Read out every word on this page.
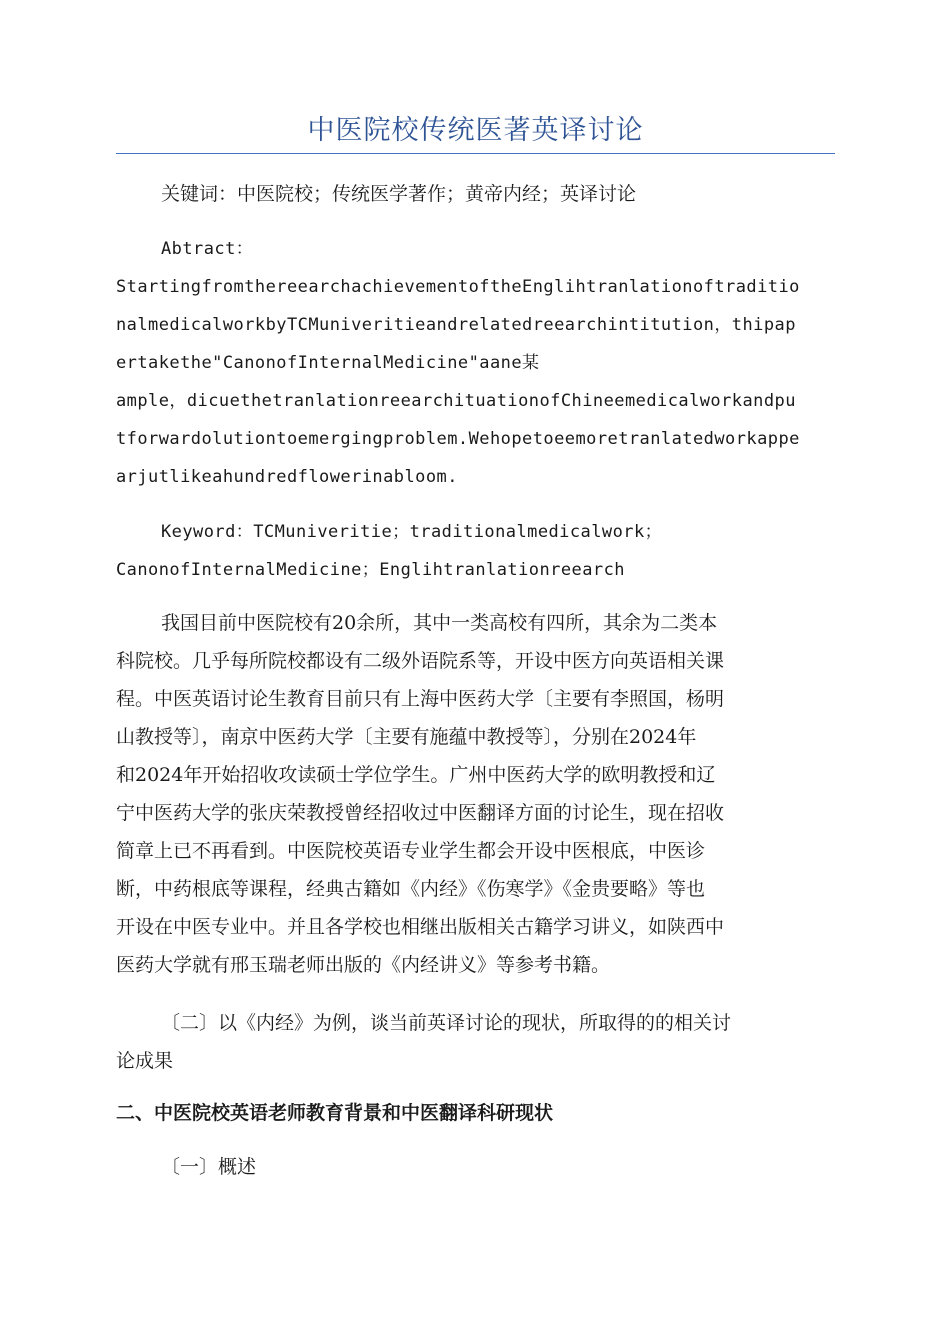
中医院校传统医著英译讨论

关键词：中医院校；传统医学著作；黄帝内经；英译讨论

Abtract：
StartingfromthereearchachievementoftheEnglihtranlationoftraditio
nalmedicalworkbyTCMuniveritieandrelatedreearchintitution，thipap
ertakethe"CanonofInternalMedicine"aane某
ample，dicuethetranlationreearchituationofChineemedicalworkandpu
tforwardolutiontoemergingproblem.Wehopetoeemoretranlatedworkappe
arjutlikeahundredflowerinabloom.

Keyword：TCMuniveritie；traditionalmedicalwork；
CanonofInternalMedicine；Englihtranlationreearch

我国目前中医院校有20余所，其中一类高校有四所，其余为二类本
科院校。几乎每所院校都设有二级外语院系等，开设中医方向英语相关课
程。中医英语讨论生教育目前只有上海中医药大学〔主要有李照国，杨明
山教授等〕，南京中医药大学〔主要有施蕴中教授等〕，分别在2024年
和2024年开始招收攻读硕士学位学生。广州中医药大学的欧明教授和辽
宁中医药大学的张庆荣教授曾经招收过中医翻译方面的讨论生，现在招收
简章上已不再看到。中医院校英语专业学生都会开设中医根底，中医诊
断，中药根底等课程，经典古籍如《内经》《伤寒学》《金贵要略》等也
开设在中医专业中。并且各学校也相继出版相关古籍学习讲义，如陕西中
医药大学就有邢玉瑞老师出版的《内经讲义》等参考书籍。

〔二〕以《内经》为例，谈当前英译讨论的现状，所取得的的相关讨
论成果

二、中医院校英语老师教育背景和中医翻译科研现状

〔一〕概述
